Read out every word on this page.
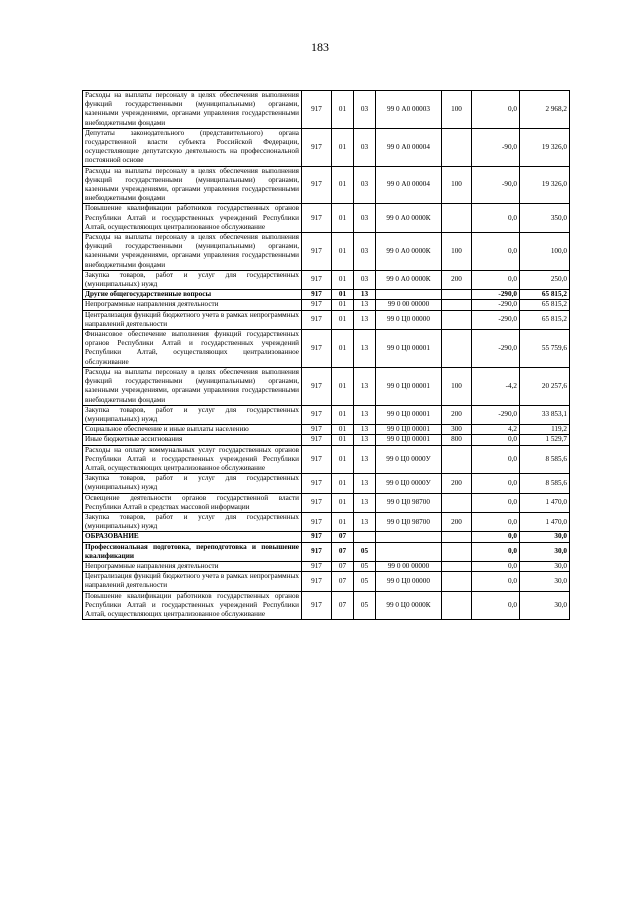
183
Расходы на выплаты персоналу в целях обеспечения выполнения функций государственными (муниципальными) органами, казенными учреждениями, органами управления государственными внебюджетными фондами	917	01	03	99 0 А0 00003	100	0,0	2 968,2
Депутаты законодательного (представительного) органа государственной власти субъекта Российской Федерации, осуществляющие депутатскую деятельность на профессиональной постоянной основе	917	01	03	99 0 А0 00004		-90,0	19 326,0
Расходы на выплаты персоналу в целях обеспечения выполнения функций государственными (муниципальными) органами, казенными учреждениями, органами управления государственными внебюджетными фондами	917	01	03	99 0 А0 00004	100	-90,0	19 326,0
Повышение квалификации работников государственных органов Республики Алтай и государственных учреждений Республики Алтай, осуществляющих централизованное обслуживание	917	01	03	99 0 А0 0000К		0,0	350,0
Расходы на выплаты персоналу в целях обеспечения выполнения функций государственными (муниципальными) органами, казенными учреждениями, органами управления государственными внебюджетными фондами	917	01	03	99 0 А0 0000К	100	0,0	100,0
Закупка товаров, работ и услуг для государственных (муниципальных) нужд	917	01	03	99 0 А0 0000К	200	0,0	250,0
Другие общегосударственные вопросы	917	01	13			-290,0	65 815,2
Непрограммные направления деятельности	917	01	13	99 0 00 00000		-290,0	65 815,2
Централизация функций бюджетного учета в рамках непрограммных направлений деятельности	917	01	13	99 0 Ц0 00000		-290,0	65 815,2
Финансовое обеспечение выполнения функций государственных органов Республики Алтай и государственных учреждений Республики Алтай, осуществляющих централизованное обслуживание	917	01	13	99 0 Ц0 00001		-290,0	55 759,6
Расходы на выплаты персоналу в целях обеспечения выполнения функций государственными (муниципальными) органами, казенными учреждениями, органами управления государственными внебюджетными фондами	917	01	13	99 0 Ц0 00001	100	-4,2	20 257,6
Закупка товаров, работ и услуг для государственных (муниципальных) нужд	917	01	13	99 0 Ц0 00001	200	-290,0	33 853,1
Социальное обеспечение и иные выплаты населению	917	01	13	99 0 Ц0 00001	300	4,2	119,2
Иные бюджетные ассигнования	917	01	13	99 0 Ц0 00001	800	0,0	1 529,7
Расходы на оплату коммунальных услуг государственных органов Республики Алтай и государственных учреждений Республики Алтай, осуществляющих централизованное обслуживание	917	01	13	99 0 Ц0 0000У		0,0	8 585,6
Закупка товаров, работ и услуг для государственных (муниципальных) нужд	917	01	13	99 0 Ц0 0000У	200	0,0	8 585,6
Освещение деятельности органов государственной власти Республики Алтай в средствах массовой информации	917	01	13	99 0 Ц0 98700		0,0	1 470,0
Закупка товаров, работ и услуг для государственных (муниципальных) нужд	917	01	13	99 0 Ц0 98700	200	0,0	1 470,0
ОБРАЗОВАНИЕ	917	07				0,0	30,0
Профессиональная подготовка, переподготовка и повышение квалификации	917	07	05			0,0	30,0
Непрограммные направления деятельности	917	07	05	99 0 00 00000		0,0	30,0
Централизация функций бюджетного учета в рамках непрограммных направлений деятельности	917	07	05	99 0 Ц0 00000		0,0	30,0
Повышение квалификации работников государственных органов Республики Алтай и государственных учреждений Республики Алтай, осуществляющих централизованное обслуживание	917	07	05	99 0 Ц0 0000К		0,0	30,0
